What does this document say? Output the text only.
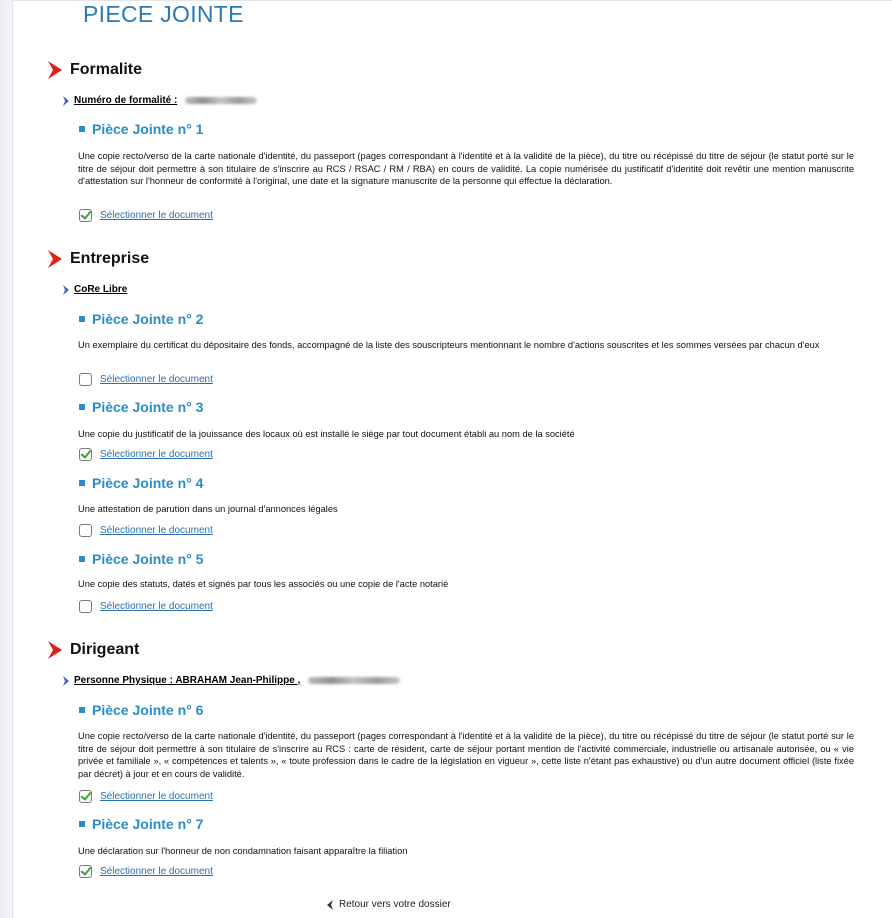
PIECE JOINTE
Formalite
Numéro de formalité :
Pièce Jointe n° 1
Une copie recto/verso de la carte nationale d'identité, du passeport (pages correspondant à l'identité et à la validité de la pièce), du titre ou récépissé du titre de séjour (le statut porté sur le titre de séjour doit permettre à son titulaire de s'inscrire au RCS / RSAC / RM / RBA) en cours de validité. La copie numérisée du justificatif d'identité doit revêtir une mention manuscrite d'attestation sur l'honneur de conformité à l'original, une date et la signature manuscrite de la personne qui effectue la déclaration.
Sélectionner le document
Entreprise
CoRe Libre
Pièce Jointe n° 2
Un exemplaire du certificat du dépositaire des fonds, accompagné de la liste des souscripteurs mentionnant le nombre d'actions souscrites et les sommes versées par chacun d'eux
Sélectionner le document
Pièce Jointe n° 3
Une copie du justificatif de la jouissance des locaux où est installé le siège par tout document établi au nom de la société
Sélectionner le document
Pièce Jointe n° 4
Une attestation de parution dans un journal d'annonces légales
Sélectionner le document
Pièce Jointe n° 5
Une copie des statuts, datés et signés par tous les associés ou une copie de l'acte notarié
Sélectionner le document
Dirigeant
Personne Physique : ABRAHAM Jean-Philippe ,
Pièce Jointe n° 6
Une copie recto/verso de la carte nationale d'identité, du passeport (pages correspondant à l'identité et à la validité de la pièce), du titre ou récépissé du titre de séjour (le statut porté sur le titre de séjour doit permettre à son titulaire de s'inscrire au RCS : carte de résident, carte de séjour portant mention de l'activité commerciale, industrielle ou artisanale autorisée, ou « vie privée et familiale », « compétences et talents », « toute profession dans le cadre de la législation en vigueur », cette liste n'étant pas exhaustive) ou d'un autre document officiel (liste fixée par décret) à jour et en cours de validité.
Sélectionner le document
Pièce Jointe n° 7
Une déclaration sur l'honneur de non condamnation faisant apparaître la filiation
Sélectionner le document
Retour vers votre dossier
